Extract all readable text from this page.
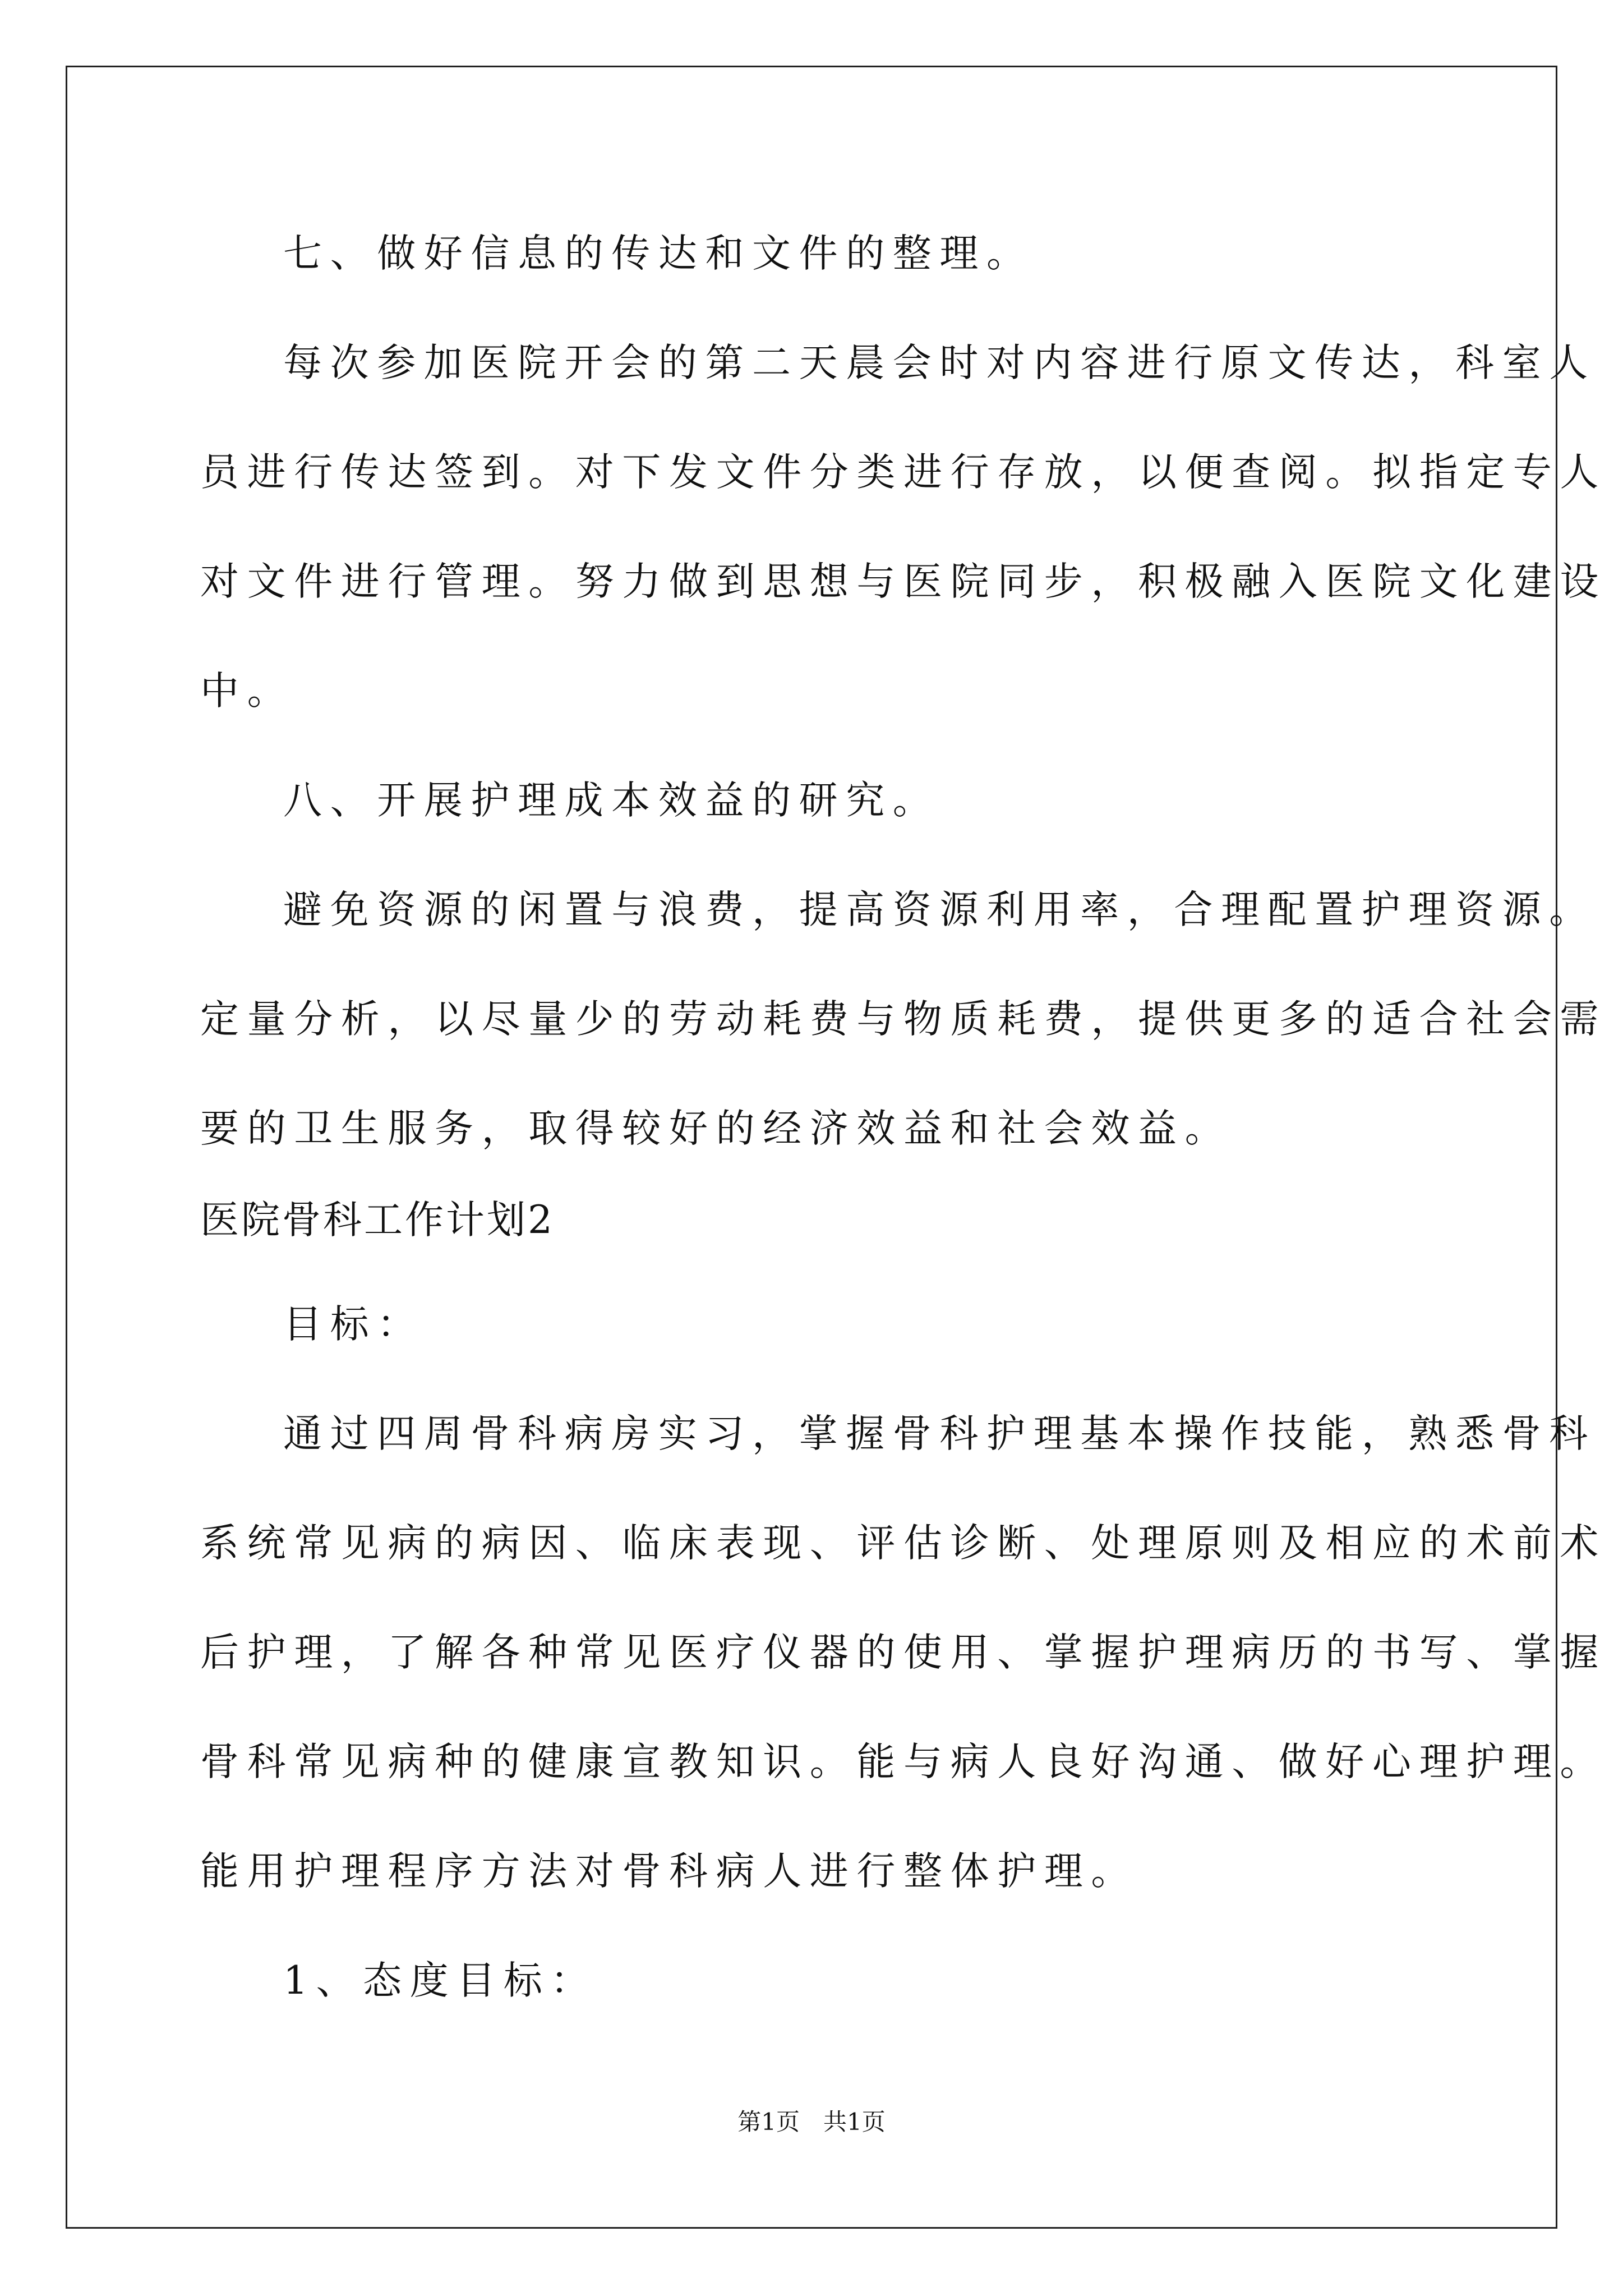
七、做好信息的传达和文件的整理。
每次参加医院开会的第二天晨会时对内容进行原文传达，科室人
员进行传达签到。对下发文件分类进行存放，以便查阅。拟指定专人
对文件进行管理。努力做到思想与医院同步，积极融入医院文化建设
中。
八、开展护理成本效益的研究。
避免资源的闲置与浪费，提高资源利用率，合理配置护理资源。
定量分析，以尽量少的劳动耗费与物质耗费，提供更多的适合社会需
要的卫生服务，取得较好的经济效益和社会效益。
医院骨科工作计划2
目标：
通过四周骨科病房实习，掌握骨科护理基本操作技能，熟悉骨科
系统常见病的病因、临床表现、评估诊断、处理原则及相应的术前术
后护理，了解各种常见医疗仪器的使用、掌握护理病历的书写、掌握
骨科常见病种的健康宣教知识。能与病人良好沟通、做好心理护理。
能用护理程序方法对骨科病人进行整体护理。
1、态度目标：
第1页　共1页
